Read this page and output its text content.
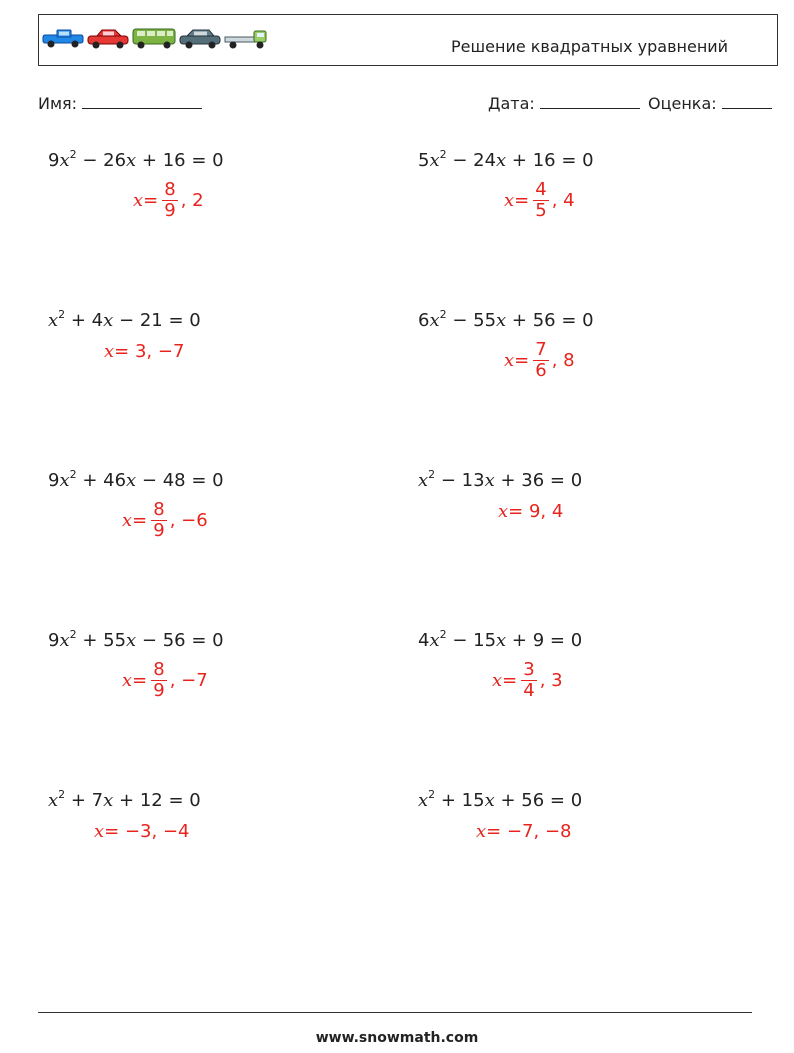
Решение квадратных уравнений
Имя:	Дата:	Оценка:
$9x^2 - 26x + 16 = 0$
$x = \frac{8}{9}$ , 2
$5x^2 - 24x + 16 = 0$
$x = \frac{4}{5}$ , 4
$x^2 + 4x - 21 = 0$
x = 3, −7
$6x^2 - 55x + 56 = 0$
$x = \frac{7}{6}$ , 8
$9x^2 + 46x - 48 = 0$
$x = \frac{8}{9}$ , −6
$x^2 - 13x + 36 = 0$
x = 9, 4
$9x^2 + 55x - 56 = 0$
$x = \frac{8}{9}$ , −7
$4x^2 - 15x + 9 = 0$
$x = \frac{3}{4}$ , 3
$x^2 + 7x + 12 = 0$
x = −3, −4
$x^2 + 15x + 56 = 0$
x = −7, −8
www.snowmath.com
